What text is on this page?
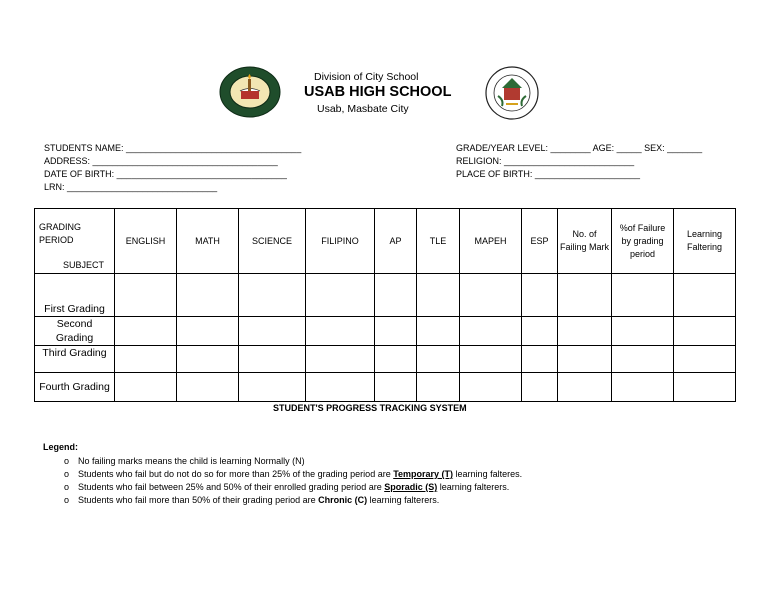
Division of City School
USAB HIGH SCHOOL
Usab, Masbate City
STUDENTS NAME: ___________________________________
ADDRESS: _____________________________________
DATE OF BIRTH: __________________________________
LRN: ______________________________
GRADE/YEAR LEVEL: ________ AGE: _____ SEX: _______
RELIGION: __________________________
PLACE OF BIRTH: _____________________
GRADING PERIOD
SUBJECT	ENGLISH	MATH	SCIENCE	FILIPINO	AP	TLE	MAPEH	ESP	No. of Failing Mark	%of Failure by grading period	Learning Faltering
First Grading											
Second Grading											
Third Grading											
Fourth Grading											
STUDENT'S PROGRESS TRACKING SYSTEM
Legend:
o No failing marks means the child is learning Normally (N)
o Students who fail but do not do so for more than 25% of the grading period are Temporary (T) learning falteres.
o Students who fail between 25% and 50% of their enrolled grading period are Sporadic (S) learning falterers.
o Students who fail more than 50% of their grading period are Chronic (C) learning falterers.
